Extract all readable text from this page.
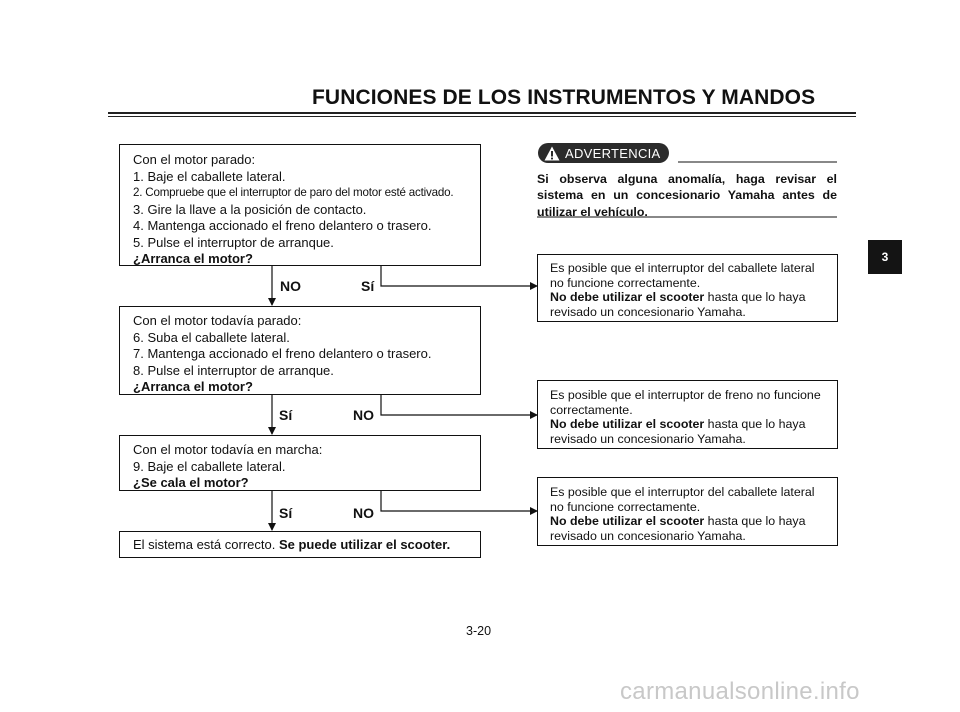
FUNCIONES DE LOS INSTRUMENTOS Y MANDOS
3
Con el motor parado:
1. Baje el caballete lateral.
2. Compruebe que el interruptor de paro del motor esté activado.
3. Gire la llave a la posición de contacto.
4. Mantenga accionado el freno delantero o trasero.
5. Pulse el interruptor de arranque.
¿Arranca el motor?
NO	Sí
Con el motor todavía parado:
6. Suba el caballete lateral.
7. Mantenga accionado el freno delantero o trasero.
8. Pulse el interruptor de arranque.
¿Arranca el motor?
Sí	NO
Con el motor todavía en marcha:
9. Baje el caballete lateral.
¿Se cala el motor?
Sí	NO
El sistema está correcto. Se puede utilizar el scooter.
ADVERTENCIA
Si observa alguna anomalía, haga revisar el sistema en un concesionario Yamaha antes de utilizar el vehículo.
Es posible que el interruptor del caballete lateral
no funcione correctamente.
No debe utilizar el scooter hasta que lo haya
revisado un concesionario Yamaha.
Es posible que el interruptor de freno no funcione
correctamente.
No debe utilizar el scooter hasta que lo haya
revisado un concesionario Yamaha.
Es posible que el interruptor del caballete lateral
no funcione correctamente.
No debe utilizar el scooter hasta que lo haya
revisado un concesionario Yamaha.
3-20
carmanualsonline.info
